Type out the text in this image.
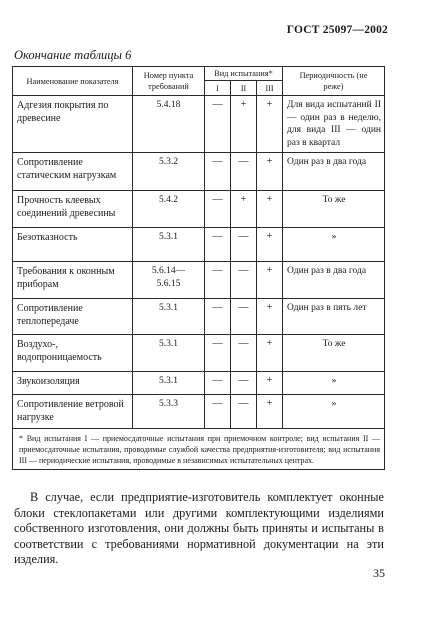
ГОСТ 25097—2002
Окончание таблицы 6
Наименование показателя	Номер пункта требований	Вид испытания*			Периодичность (не реже)
		I	II	III	
Адгезия покрытия по древесине	5.4.18	—	+	+	Для вида испытаний II — один раз в неделю, для вида III — один раз в квартал
Сопротивление статическим нагрузкам	5.3.2	—	—	+	Один раз в два года
Прочность клеевых соединений древесины	5.4.2	—	+	+	То же
Безотказность	5.3.1	—	—	+	»
Требования к оконным приборам	5.6.14—5.6.15	—	—	+	Один раз в два года
Сопротивление теплопередаче	5.3.1	—	—	+	Один раз в пять лет
Воздухо-, водопроницаемость	5.3.1	—	—	+	То же
Звукоизоляция	5.3.1	—	—	+	»
Сопротивление ветровой нагрузке	5.3.3	—	—	+	»
* Вид испытания I — приемосдаточные испытания при приемочном контроле; вид испытания II — приемосдаточные испытания, проводимые службой качества предприятия-изготовителя; вид испытания III — периодические испытания, проводимые в независимых испытательных центрах.					

В случае, если предприятие-изготовитель комплектует оконные блоки стеклопакетами или другими комплектующими изделиями собственного изготовления, они должны быть приняты и испытаны в соответствии с требованиями нормативной документации на эти изделия.

35
